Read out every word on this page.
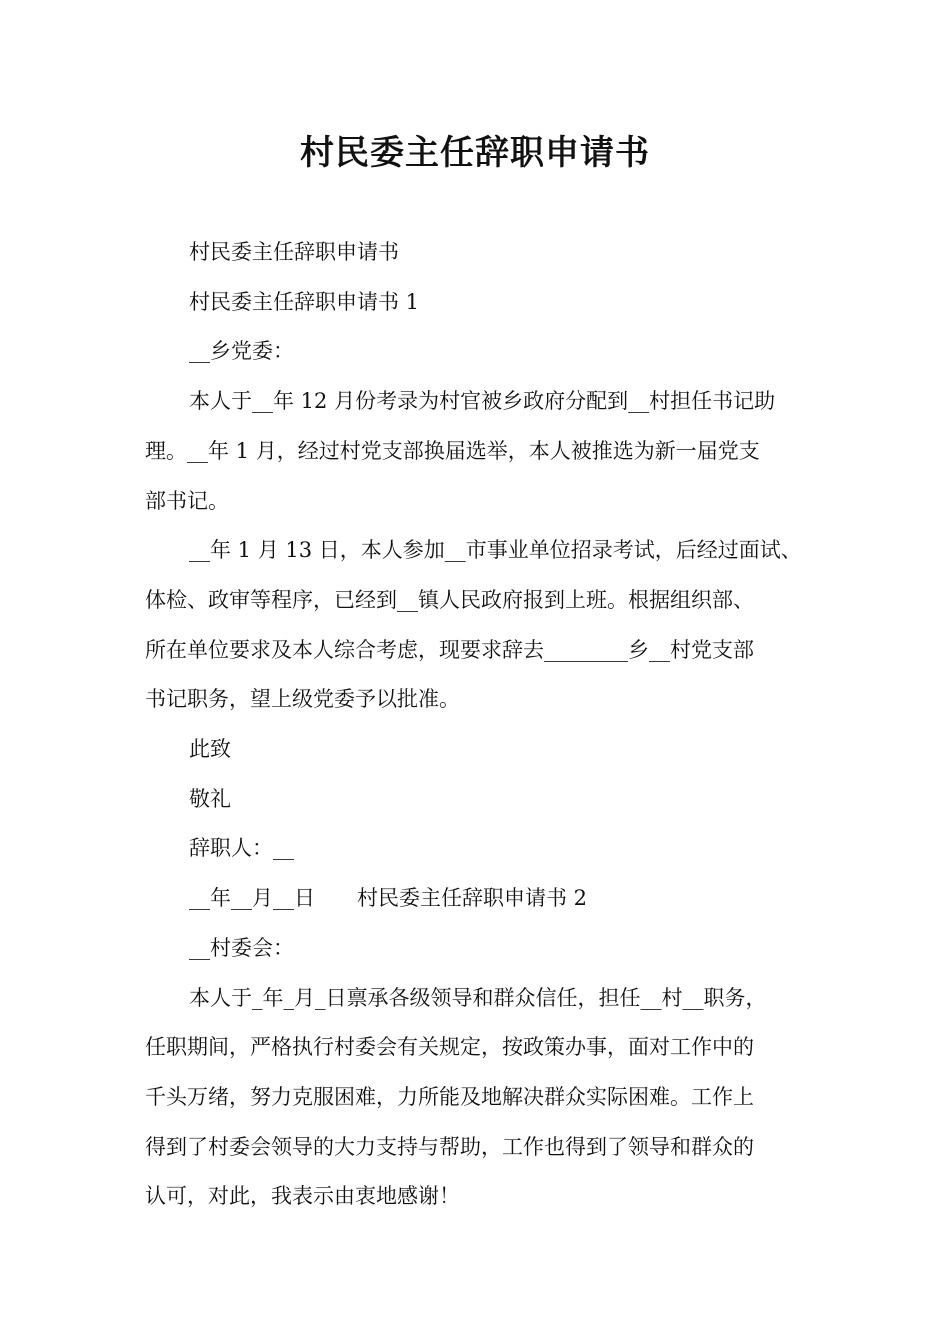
村民委主任辞职申请书
村民委主任辞职申请书
村民委主任辞职申请书 1
__乡党委：
本人于__年 12 月份考录为村官被乡政府分配到__村担任书记助
理。__年 1 月，经过村党支部换届选举，本人被推选为新一届党支
部书记。
__年 1 月 13 日，本人参加__市事业单位招录考试，后经过面试、
体检、政审等程序，已经到__镇人民政府报到上班。根据组织部、
所在单位要求及本人综合考虑，现要求辞去________乡__村党支部
书记职务，望上级党委予以批准。
此致
敬礼
辞职人：__
__年__月__日　　村民委主任辞职申请书 2
__村委会：
本人于_年_月_日禀承各级领导和群众信任，担任__村__职务，
任职期间，严格执行村委会有关规定，按政策办事，面对工作中的
千头万绪，努力克服困难，力所能及地解决群众实际困难。工作上
得到了村委会领导的大力支持与帮助，工作也得到了领导和群众的
认可，对此，我表示由衷地感谢！
